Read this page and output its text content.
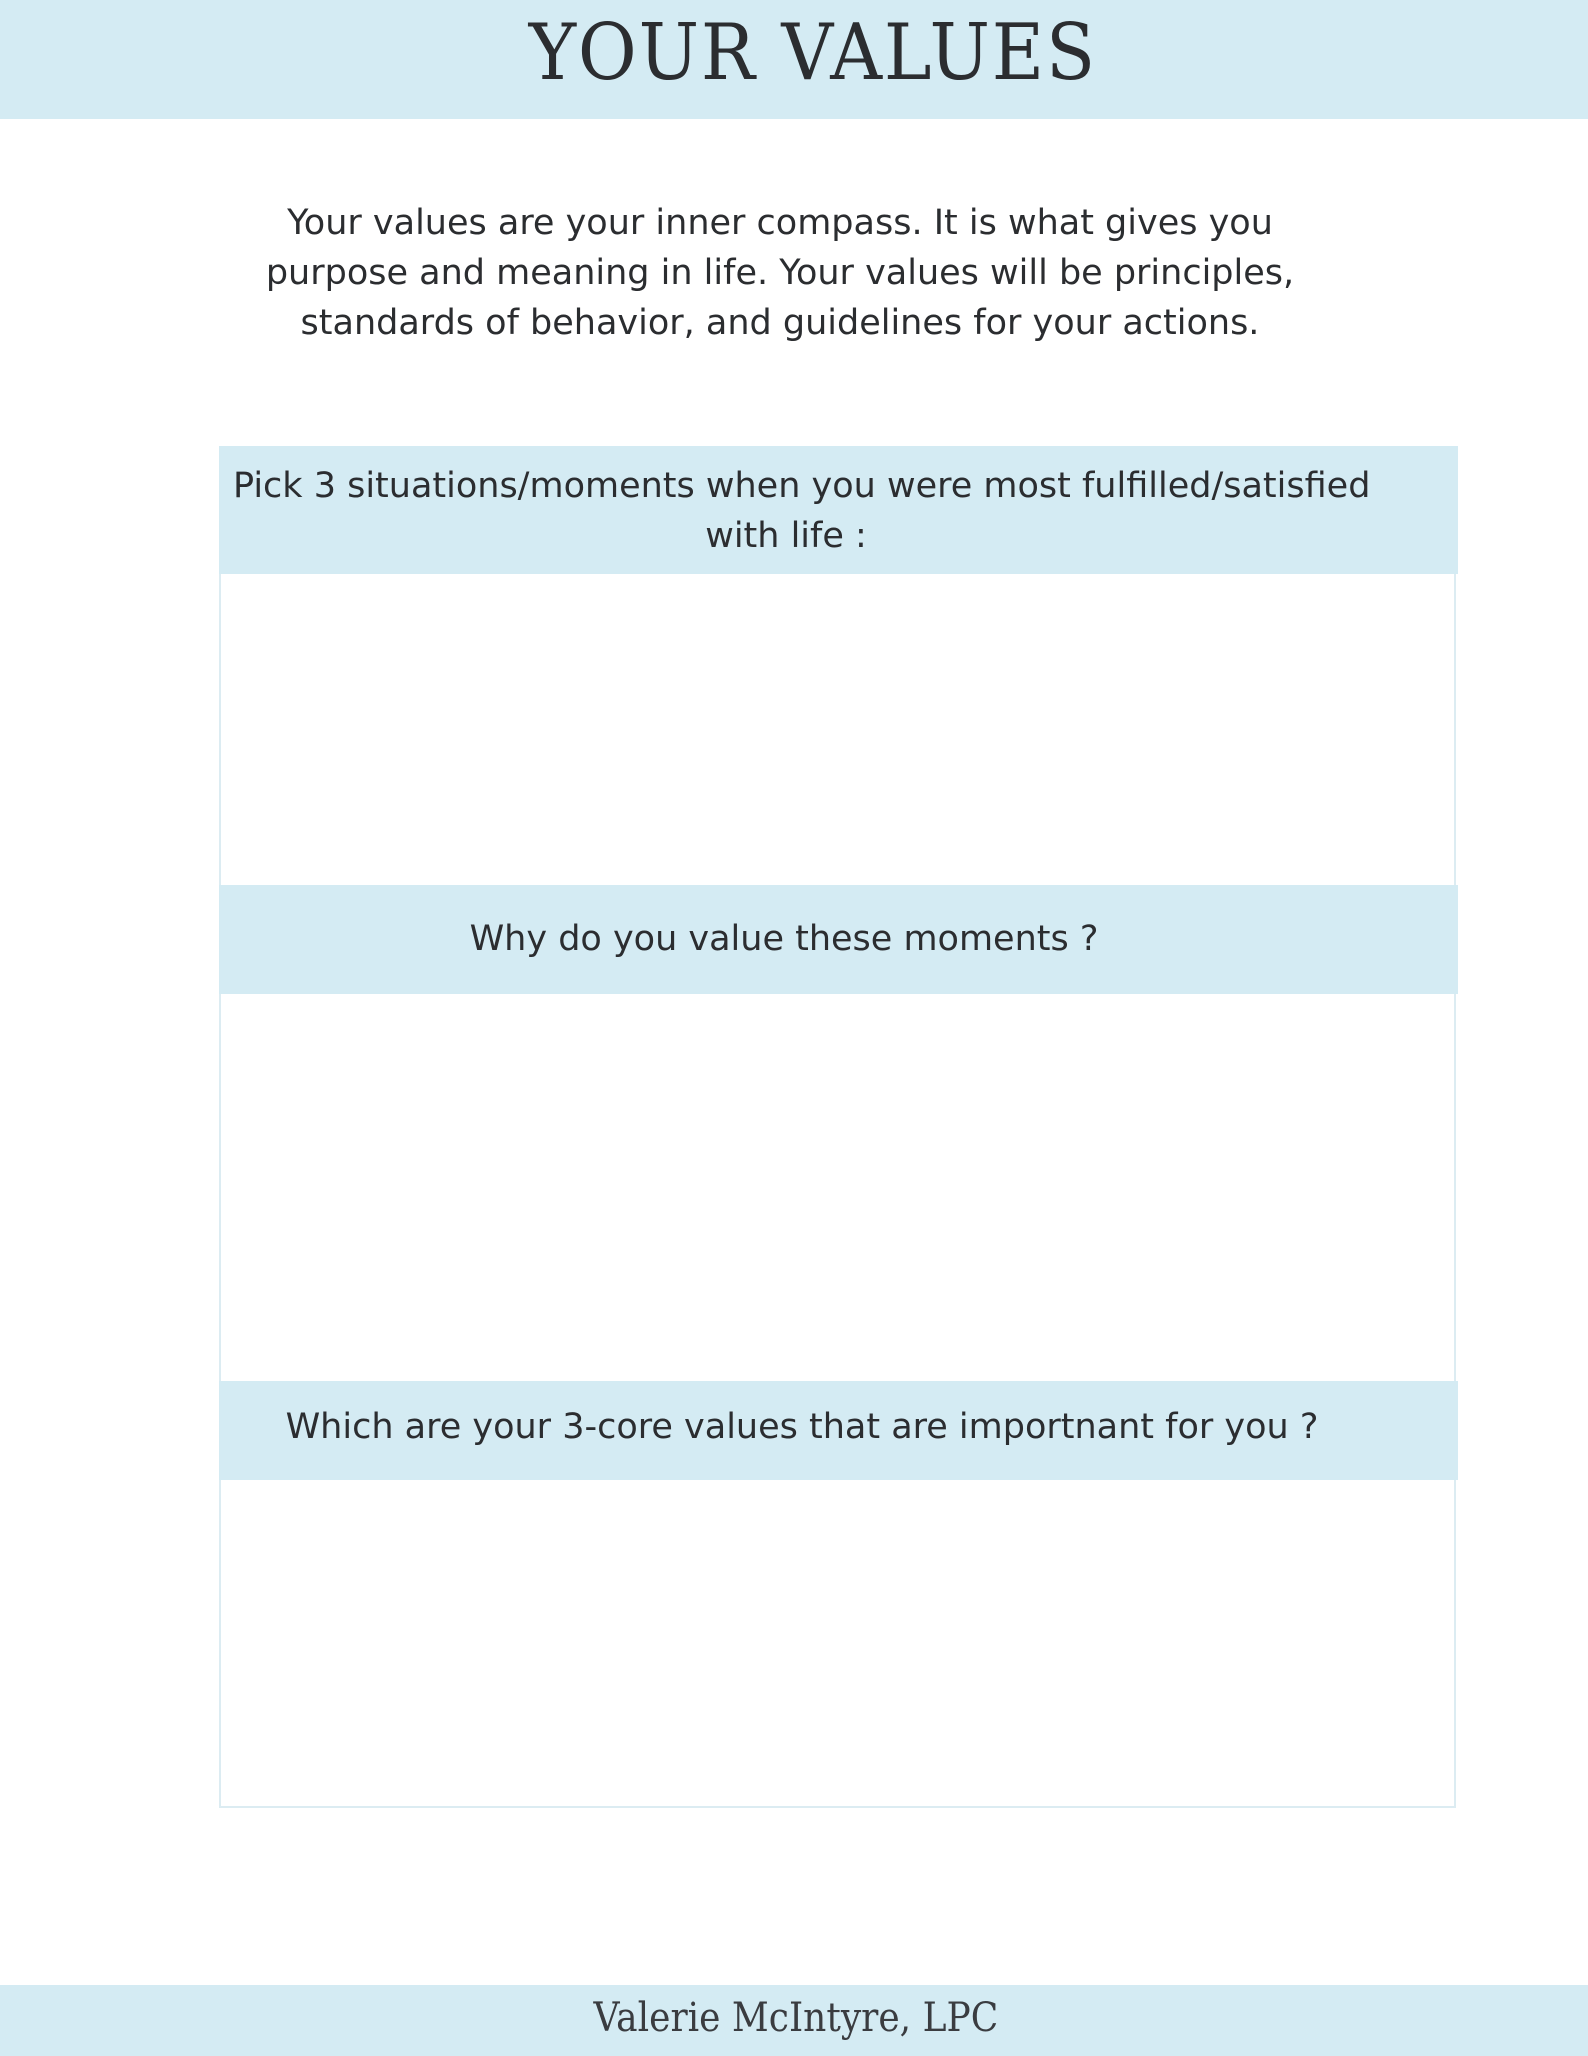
YOUR VALUES
Your values are your inner compass. It is what gives you
purpose and meaning in life. Your values will be principles,
standards of behavior, and guidelines for your actions.
Pick 3 situations/moments when you were most fulfilled/satisfied
with life :
Why do you value these moments ?
Which are your 3-core values that are importnant for you ?
Valerie McIntyre, LPC
